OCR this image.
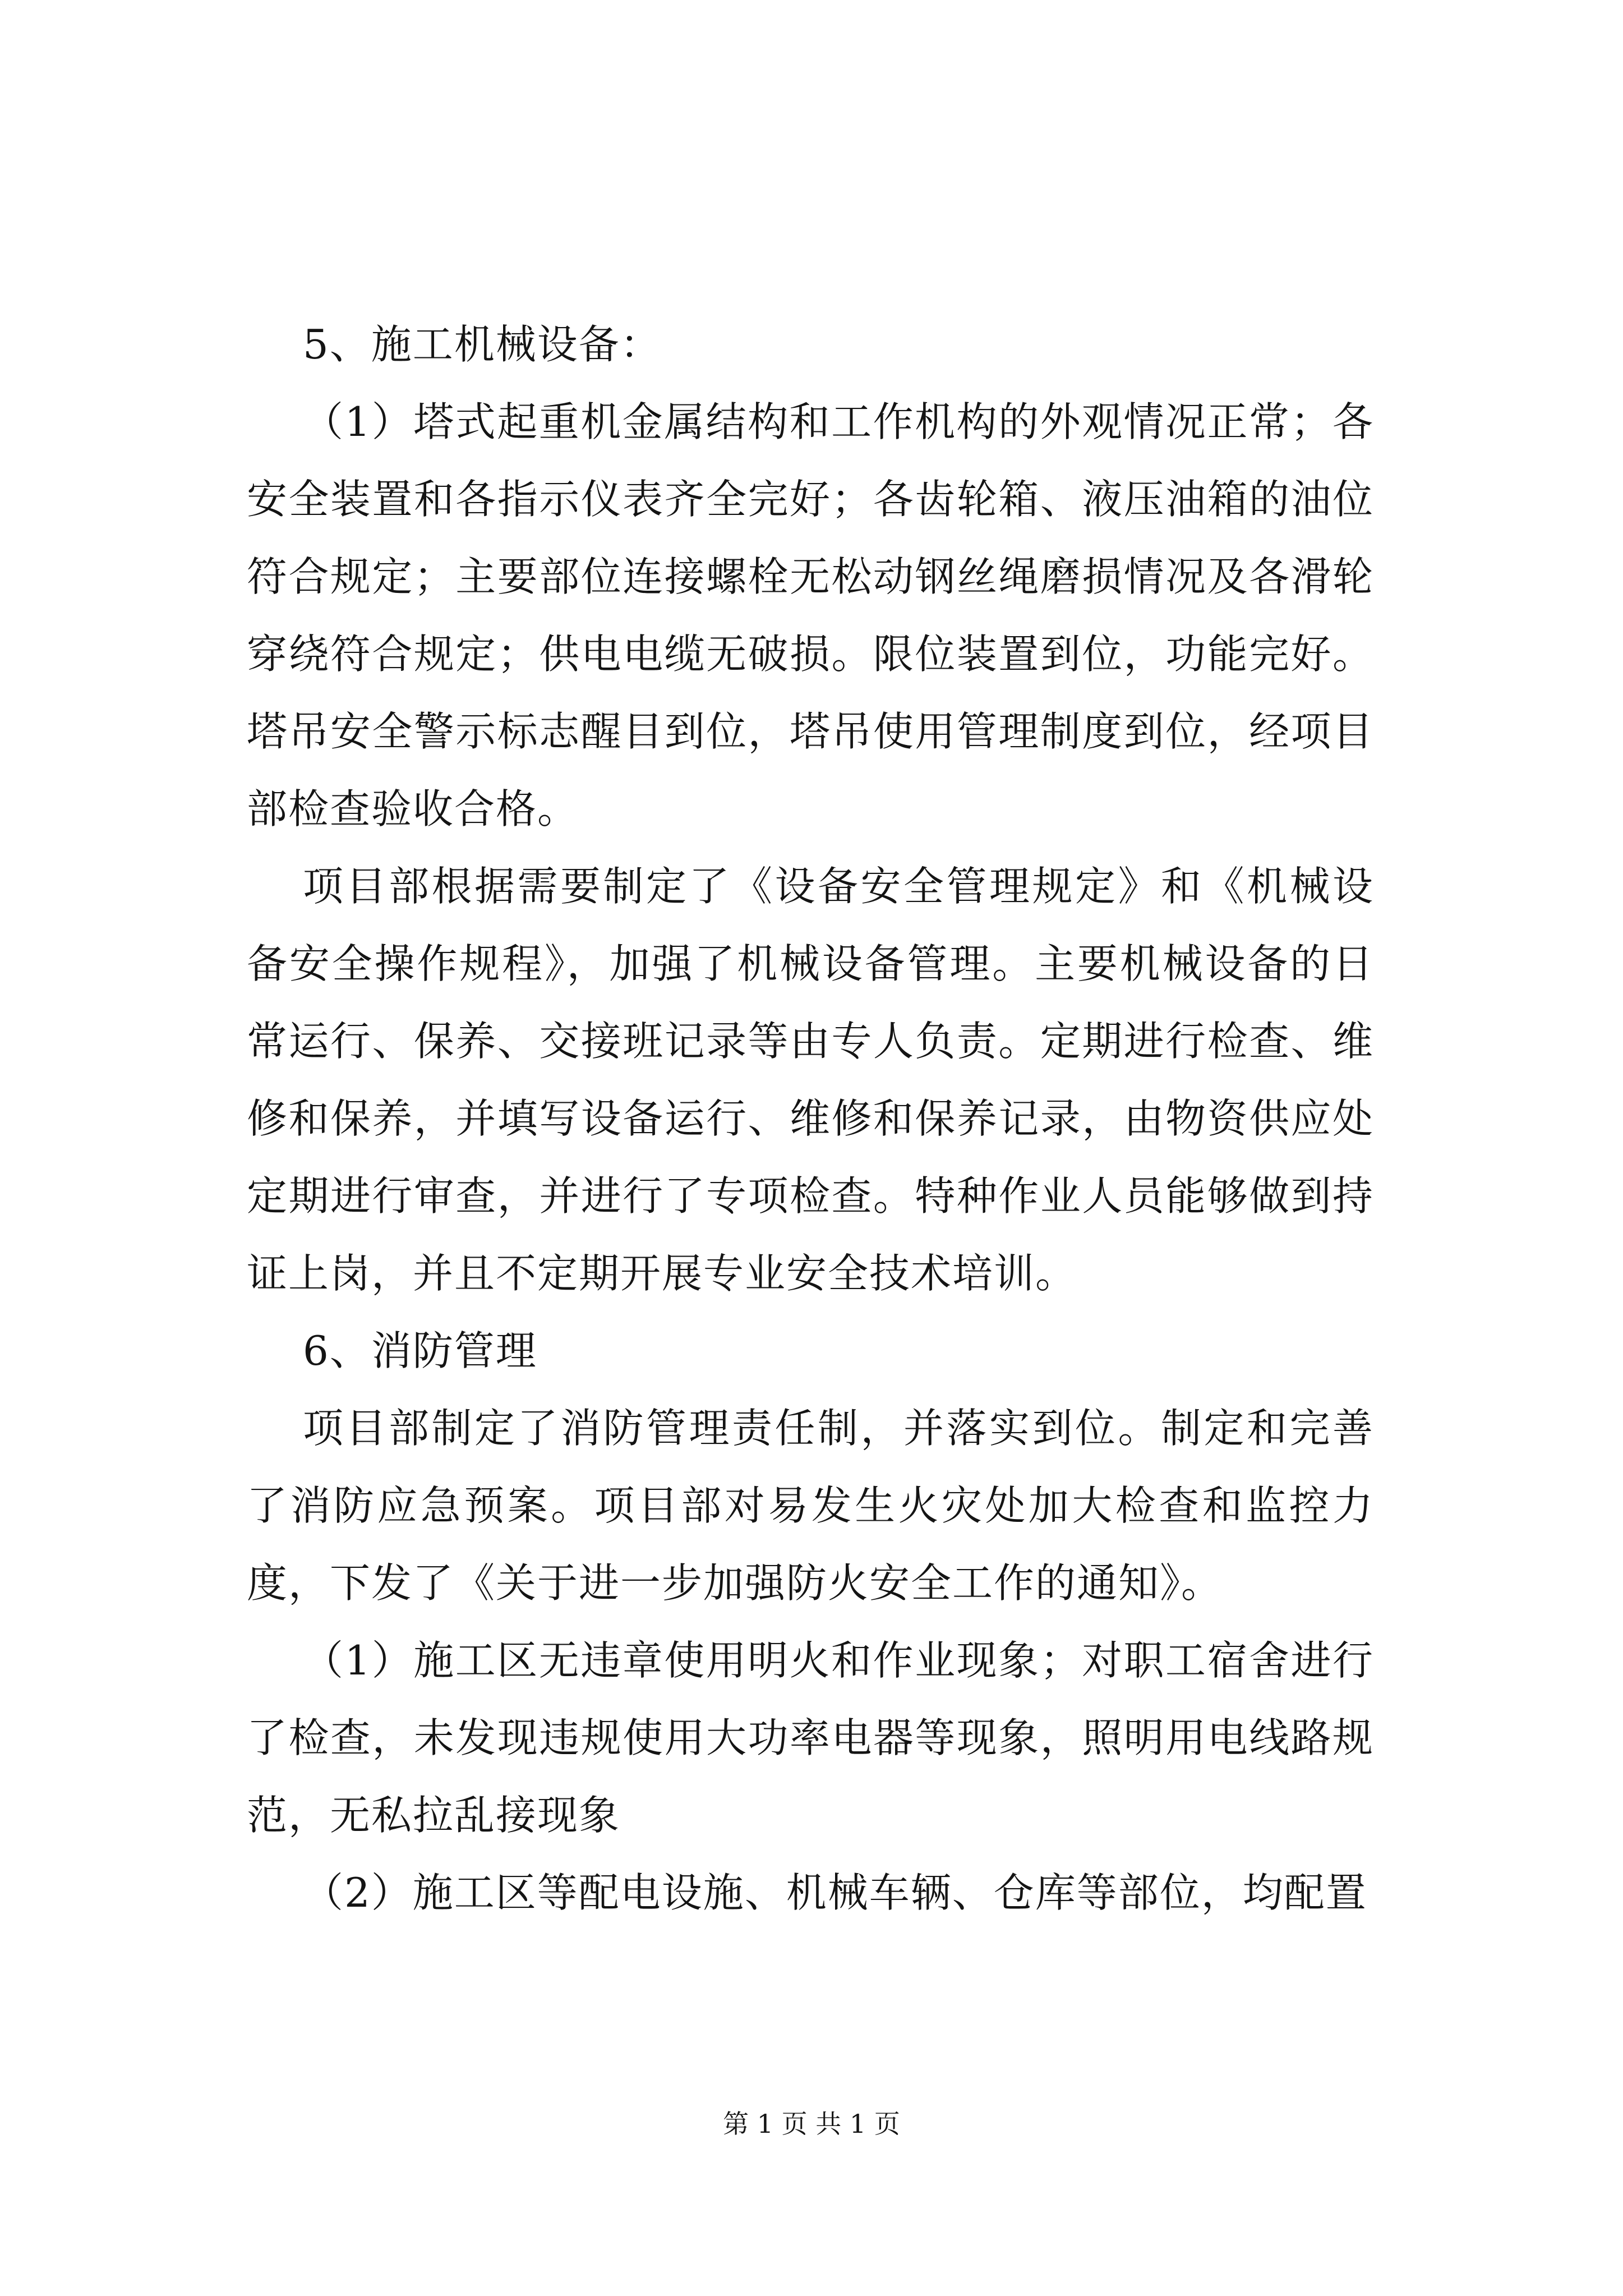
5、施工机械设备：

（1）塔式起重机金属结构和工作机构的外观情况正常；各安全装置和各指示仪表齐全完好；各齿轮箱、液压油箱的油位符合规定；主要部位连接螺栓无松动钢丝绳磨损情况及各滑轮穿绕符合规定；供电电缆无破损。限位装置到位，功能完好。塔吊安全警示标志醒目到位，塔吊使用管理制度到位，经项目部检查验收合格。

项目部根据需要制定了《设备安全管理规定》和《机械设备安全操作规程》，加强了机械设备管理。主要机械设备的日常运行、保养、交接班记录等由专人负责。定期进行检查、维修和保养，并填写设备运行、维修和保养记录，由物资供应处定期进行审查，并进行了专项检查。特种作业人员能够做到持证上岗，并且不定期开展专业安全技术培训。

6、消防管理

项目部制定了消防管理责任制，并落实到位。制定和完善了消防应急预案。项目部对易发生火灾处加大检查和监控力度，下发了《关于进一步加强防火安全工作的通知》。

（1）施工区无违章使用明火和作业现象；对职工宿舍进行了检查，未发现违规使用大功率电器等现象，照明用电线路规范，无私拉乱接现象

（2）施工区等配电设施、机械车辆、仓库等部位，均配置

第 1 页 共 1 页
